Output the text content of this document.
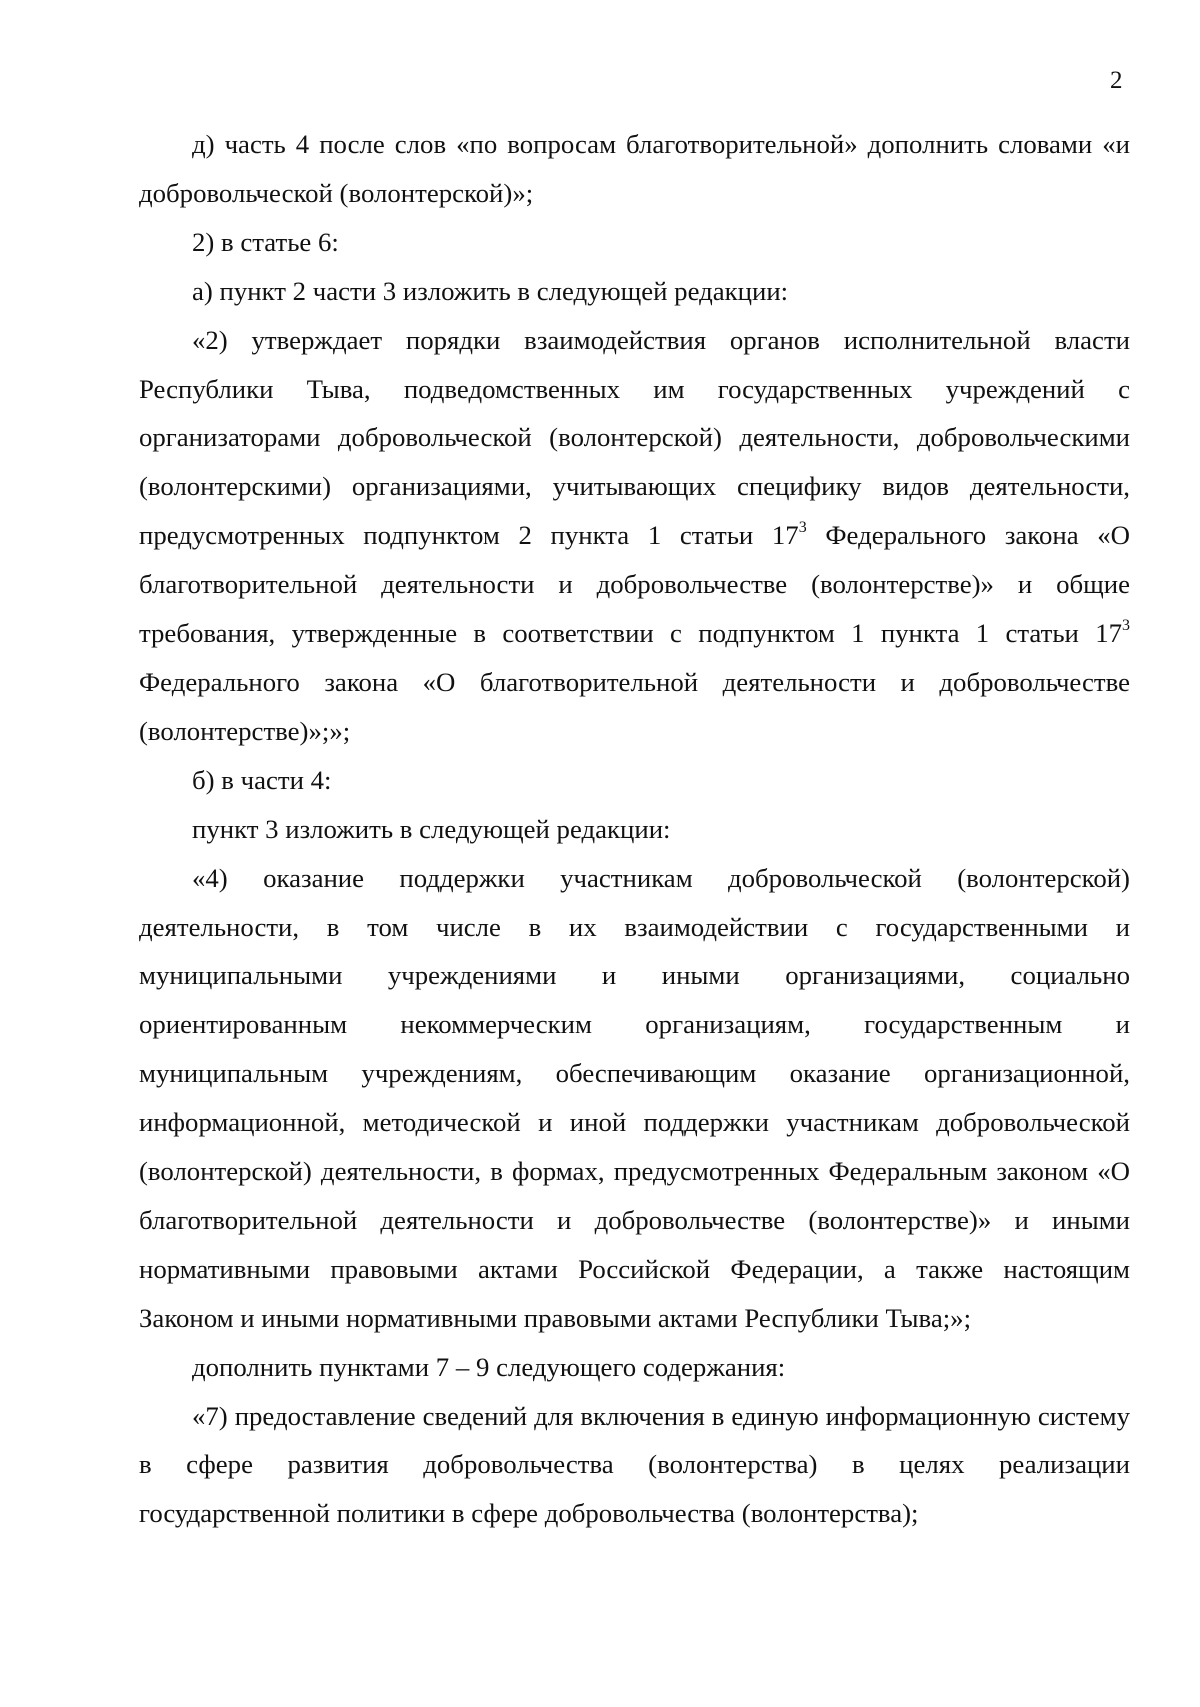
2

д) часть 4 после слов «по вопросам благотворительной» дополнить словами «и добровольческой (волонтерской)»;

2) в статье 6:

а) пункт 2 части 3 изложить в следующей редакции:

«2) утверждает порядки взаимодействия органов исполнительной власти Республики Тыва, подведомственных им государственных учреждений с организаторами добровольческой (волонтерской) деятельности, добровольческими (волонтерскими) организациями, учитывающих специфику видов деятельности, предусмотренных подпунктом 2 пункта 1 статьи $17^3$ Федерального закона «О благотворительной деятельности и добровольчестве (волонтерстве)» и общие требования, утвержденные в соответствии с подпунктом 1 пункта 1 статьи $17^3$ Федерального закона «О благотворительной деятельности и добровольчестве (волонтерстве)»;»;

б) в части 4:

пункт 3 изложить в следующей редакции:

«4) оказание поддержки участникам добровольческой (волонтерской) деятельности, в том числе в их взаимодействии с государственными и муниципальными учреждениями и иными организациями, социально ориентированным некоммерческим организациям, государственным и муниципальным учреждениям, обеспечивающим оказание организационной, информационной, методической и иной поддержки участникам добровольческой (волонтерской) деятельности, в формах, предусмотренных Федеральным законом «О благотворительной деятельности и добровольчестве (волонтерстве)» и иными нормативными правовыми актами Российской Федерации, а также настоящим Законом и иными нормативными правовыми актами Республики Тыва;»;

дополнить пунктами 7 – 9 следующего содержания:

«7) предоставление сведений для включения в единую информационную систему в сфере развития добровольчества (волонтерства) в целях реализации государственной политики в сфере добровольчества (волонтерства);
